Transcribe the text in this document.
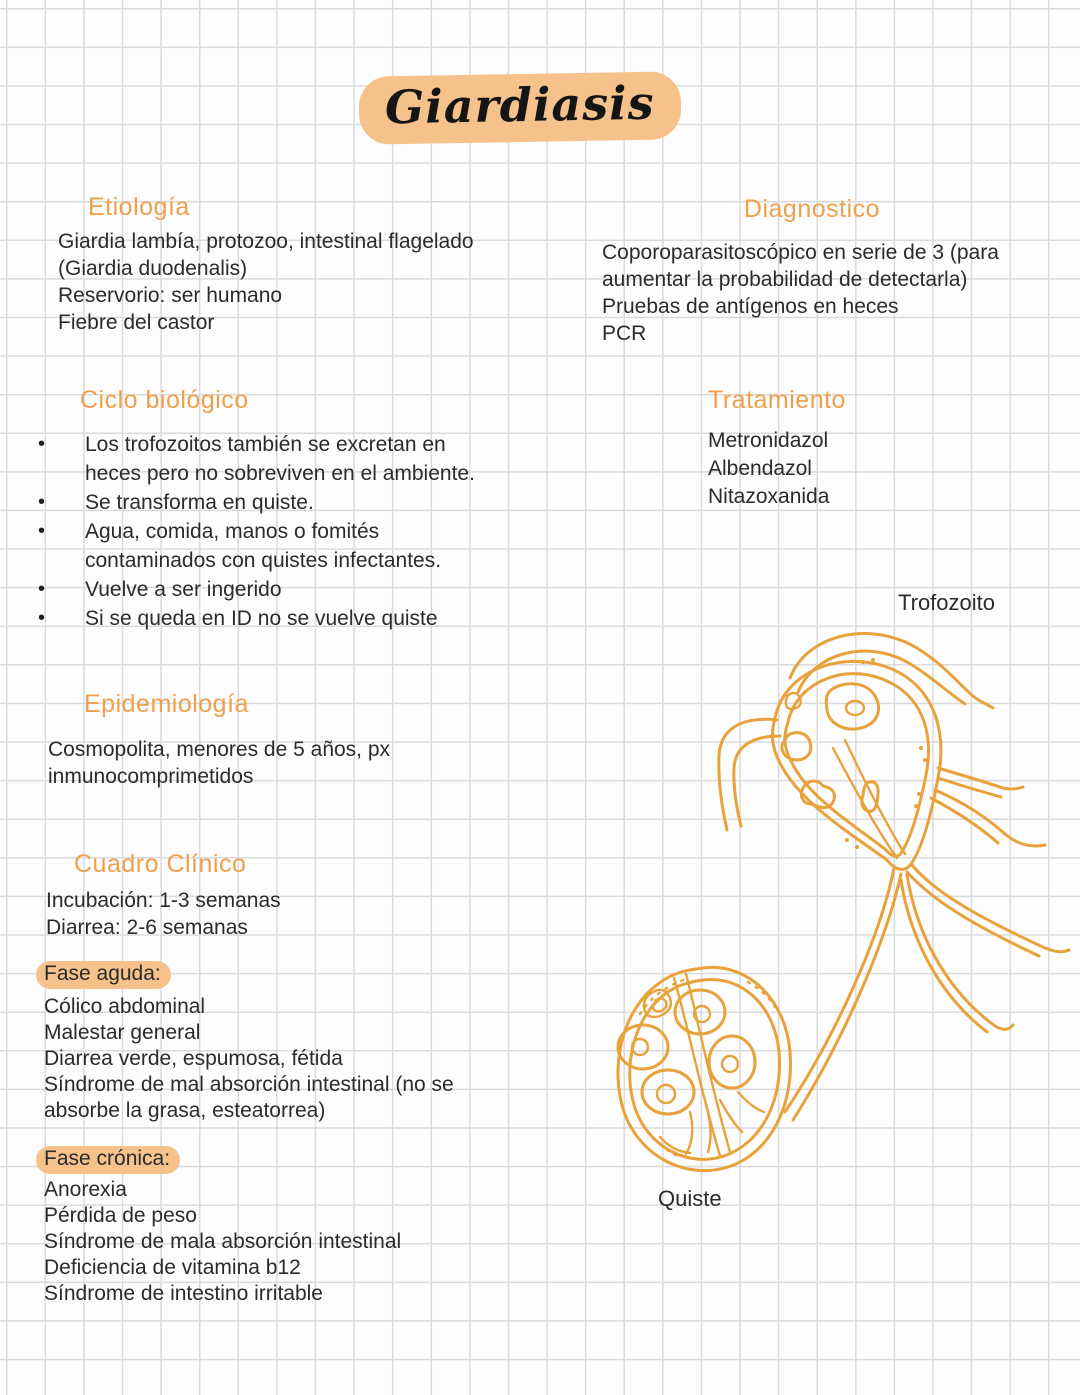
Giardiasis
Etiología
Giardia lambía, protozoo, intestinal flagelado
(Giardia duodenalis)
Reservorio: ser humano
Fiebre del castor
Diagnostico
Coporoparasitoscópico en serie de 3 (para
aumentar la probabilidad de detectarla)
Pruebas de antígenos en heces
PCR
Ciclo biológico
•	Los trofozoitos también se excretan en
heces pero no sobreviven en el ambiente.
•	Se transforma en quiste.
•	Agua, comida, manos o fomités
contaminados con quistes infectantes.
•	Vuelve a ser ingerido
•	Si se queda en ID no se vuelve quiste
Tratamiento
Metronidazol
Albendazol
Nitazoxanida
Epidemiología
Cosmopolita, menores de 5 años, px
inmunocomprimetidos
Cuadro Clínico
Incubación: 1-3 semanas
Diarrea: 2-6 semanas
Fase aguda:
Cólico abdominal
Malestar general
Diarrea verde, espumosa, fétida
Síndrome de mal absorción intestinal (no se
absorbe la grasa, esteatorrea)
Fase crónica:
Anorexia
Pérdida de peso
Síndrome de mala absorción intestinal
Deficiencia de vitamina b12
Síndrome de intestino irritable
Trofozoito
Quiste
